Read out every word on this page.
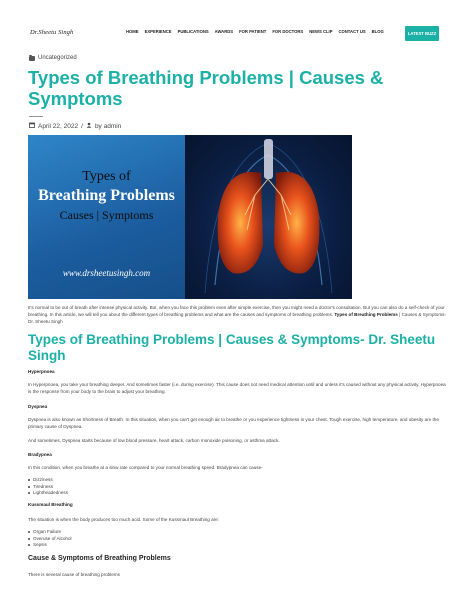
Dr.Sheetu Singh	HOME EXPERIENCE PUBLICATIONS AWARDS FOR PATIENT FOR DOCTORS NEWS CLIP CONTACT US BLOG	LATEST BUZZ
Uncategorized
Types of Breathing Problems | Causes & Symptoms
April 22, 2022 / by admin
Types of
Breathing Problems
Causes | Symptoms
www.drsheetusingh.com

It's normal to be out of breath after intense physical activity. But, when you face this problem even after simple exercise, then you might need a doctor's consultation. But you can also do a self-check of your breathing. In this article, we will tell you about the different types of breathing problems and what are the causes and symptoms of breathing problems. Types of Breathing Problems | Causes & Symptoms- Dr. Sheetu Singh

Types of Breathing Problems | Causes & Symptoms- Dr. Sheetu Singh
Hyperpnoea

In Hyperpnoea, you take your breathing deeper. And sometimes faster (i.e. during exercise). This cause does not need medical attention until and unless it's caused without any physical activity. Hyperpnoea is the response from your body to the brain to adjust your breathing.

Dyspnea

Dyspnea is also known as Shortness of Breath. In this situation, when you can't get enough air to breathe or you experience tightness in your chest. Tough exercise, high temperature, and obesity are the primary cause of Dyspnea.

And sometimes, Dyspnea starts because of low blood pressure, heart attack, carbon monoxide poisoning, or asthma attack.

Bradypnea

In this condition, when you breathe at a slow rate compared to your normal breathing speed. Bradypnea can cause-

Dizziness
Tiredness
Lightheadedness
Kussmaul Breathing

The situation is when the body produces too much acid. Some of the Kussmaul Breathing are:

Organ Failure
Overuse of Alcohol
Sepsis
Cause & Symptoms of Breathing Problems

There is several cause of breathing problems
